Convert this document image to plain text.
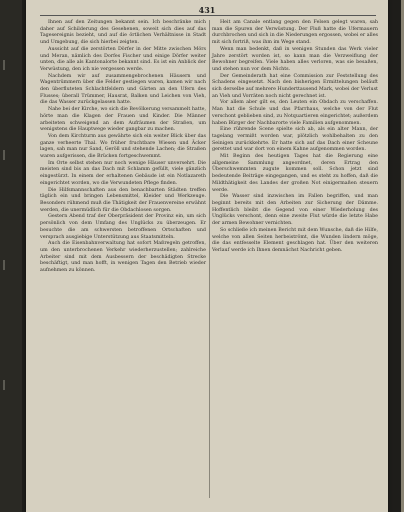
431

Ihnen auf den Zeitungen bekannt sein. Ich beschränke mich daher auf Schilderung des Gesehenen, soweit sich dies auf das Tagesereignis bezieht, und auf die örtlichen Verhältnisse in Stadt und Umgebung, die sich hierbei zeigten.

Aussicht auf die zerstörten Dörfer in der Mitte zwischen Mörs und Meran, nämlich des Dorfes Fischer und einige Dörfer weiter unten, die alle als Kantonalorte bekannt sind. Es ist ein Anblick der Verwüstung, den ich nie vergessen werde.

Nachdem wir auf zusammengebrochenen Häusern und Wagentrümmern über die Felder gestiegen waren, kamen wir nach den überfluteten Schlachtfeldern und Gärten an den Ufern des Flusses; überall Trümmer, Hausrat, Balken und Leichen von Vieh, die das Wasser zurückgelassen hatte.

Nahe bei der Kirche, wo sich die Bevölkerung versammelt hatte, hörte man die Klagen der Frauen und Kinder. Die Männer arbeiteten schweigend an dem Aufräumen der Straßen, um wenigstens die Hauptwege wieder gangbar zu machen.

Von dem Kirchturm aus gewährte sich ein weiter Blick über das ganze verheerte Thal. Wo früher fruchtbare Wiesen und Äcker lagen, sah man nur Sand, Geröll und stehende Lachen; die Straßen waren aufgerissen, die Brücken fortgeschwemmt.

Im Orte selbst stehen nur noch wenige Häuser unversehrt. Die meisten sind bis an das Dach mit Schlamm gefüllt, viele gänzlich eingestürzt. In einem der erhaltenen Gebäude ist ein Notlazareth eingerichtet worden, wo die Verwundeten Pflege finden.

Die Hilfsmannschaften aus den benachbarten Städten treffen täglich ein und bringen Lebensmittel, Kleider und Werkzeuge. Besonders rühmend muß die Thätigkeit der Frauenvereine erwähnt werden, die unermüdlich für die Obdachlosen sorgen.

Gestern Abend traf der Oberpräsident der Provinz ein, um sich persönlich von dem Umfang des Unglücks zu überzeugen. Er besuchte die am schwersten betroffenen Ortschaften und versprach ausgiebige Unterstützung aus Staatsmitteln.

Auch die Eisenbahnverwaltung hat sofort Maßregeln getroffen, um den unterbrochenen Verkehr wiederherzustellen; zahlreiche Arbeiter sind mit dem Ausbessern der beschädigten Strecke beschäftigt, und man hofft, in wenigen Tagen den Betrieb wieder aufnehmen zu können.

Heit am Canale entlang gegen den Felsen gelegt waren, sah man die Spuren der Verwüstung. Der Fluß hatte die Ufermauern durchbrochen und sich in die Niederungen ergossen, wobei er alles mit sich fortriß, was ihm im Wege stand.

Wenn man bedenkt, daß in wenigen Stunden das Werk vieler Jahre zerstört worden ist, so kann man die Verzweiflung der Bewohner begreifen. Viele haben alles verloren, was sie besaßen, und stehen nun vor dem Nichts.

Der Gemeinderath hat eine Commission zur Feststellung des Schadens eingesetzt. Nach den bisherigen Ermittelungen beläuft sich derselbe auf mehrere Hunderttausend Mark, wobei der Verlust an Vieh und Vorräten noch nicht gerechnet ist.

Vor allem aber gilt es, den Leuten ein Obdach zu verschaffen. Man hat die Schule und das Pfarrhaus, welche von der Flut verschont geblieben sind, zu Notquartieren eingerichtet; außerdem haben Bürger der Nachbarorte viele Familien aufgenommen.

Eine rührende Scene spielte sich ab, als ein alter Mann, der tagelang vermißt worden war, plötzlich wohlbehalten zu den Seinigen zurückkehrte. Er hatte sich auf das Dach einer Scheune gerettet und war dort von einem Kahne aufgenommen worden.

Mit Beginn des heutigen Tages hat die Regierung eine allgemeine Sammlung angeordnet, deren Ertrag den Überschwemmten zugute kommen soll. Schon jetzt sind bedeutende Beiträge eingegangen, und es steht zu hoffen, daß die Mildthätigkeit des Landes der großen Not einigermaßen steuern werde.

Die Wasser sind inzwischen im Fallen begriffen, und man beginnt bereits mit den Arbeiten zur Sicherung der Dämme. Hoffentlich bleibt die Gegend von einer Wiederholung des Unglücks verschont, denn eine zweite Flut würde die letzte Habe der armen Bewohner vernichten.

So schließe ich meinen Bericht mit dem Wunsche, daß die Hilfe, welche von allen Seiten herbeiströmt, die Wunden lindern möge, die das entfesselte Element geschlagen hat. Über den weiteren Verlauf werde ich Ihnen demnächst Nachricht geben.
